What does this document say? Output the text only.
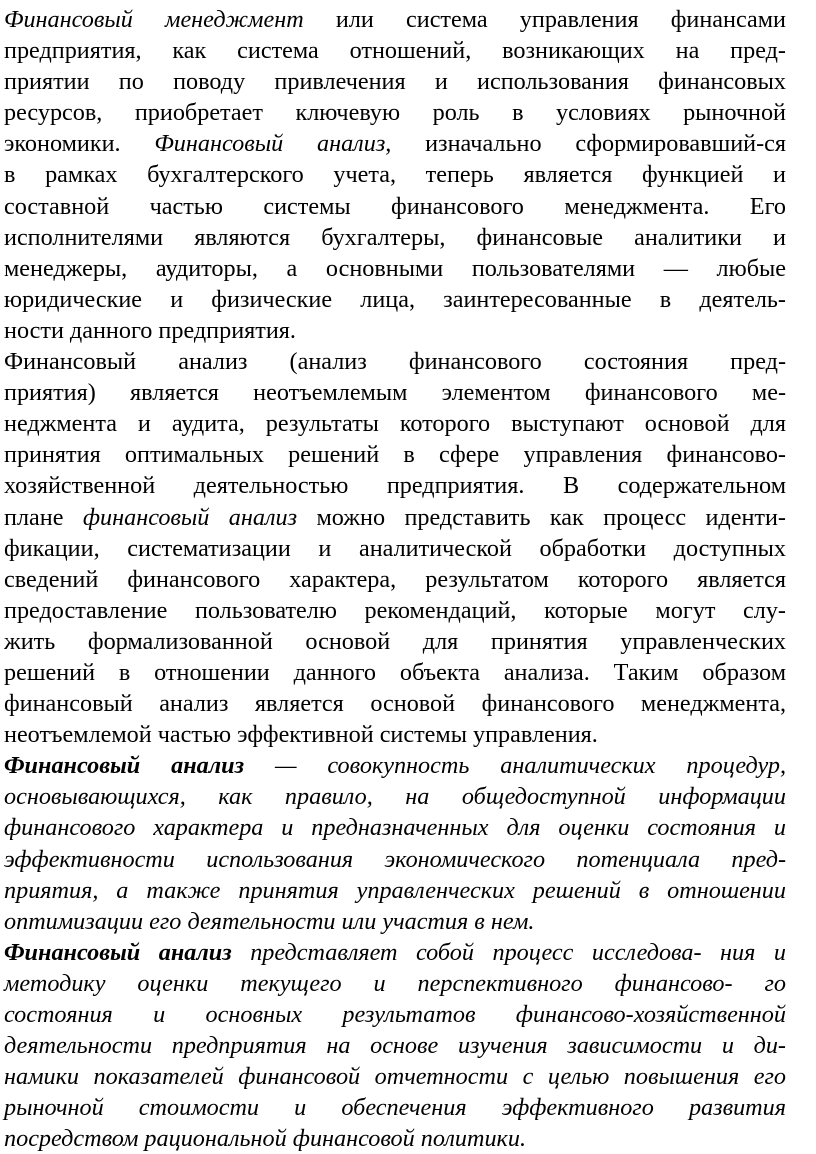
Финансовый менеджмент или система управления финансами
предприятия, как система отношений, возникающих на пред-
приятии по поводу привлечения и использования финансовых
ресурсов, приобретает ключевую роль в условиях рыночной
экономики. Финансовый анализ, изначально сформировавший-ся
в рамках бухгалтерского учета, теперь является функцией и
составной частью системы финансового менеджмента. Его
исполнителями являются бухгалтеры, финансовые аналитики и
менеджеры, аудиторы, а основными пользователями — любые
юридические и физические лица, заинтересованные в деятель-
ности данного предприятия.
Финансовый анализ (анализ финансового состояния пред-
приятия) является неотъемлемым элементом финансового ме-
неджмента и аудита, результаты которого выступают основой для
принятия оптимальных решений в сфере управления финансово-
хозяйственной деятельностью предприятия. В содержательном
плане финансовый анализ можно представить как процесс иденти-
фикации, систематизации и аналитической обработки доступных
сведений финансового характера, результатом которого является
предоставление пользователю рекомендаций, которые могут слу-
жить формализованной основой для принятия управленческих
решений в отношении данного объекта анализа. Таким образом
финансовый анализ является основой финансового менеджмента,
неотъемлемой частью эффективной системы управления.
Финансовый анализ — совокупность аналитических процедур,
основывающихся, как правило, на общедоступной информации
финансового характера и предназначенных для оценки состояния и
эффективности использования экономического потенциала пред-
приятия, а также принятия управленческих решений в отношении
оптимизации его деятельности или участия в нем.
Финансовый анализ представляет собой процесс исследова- ния и
методику оценки текущего и перспективного финансово- го
состояния и основных результатов финансово-хозяйственной
деятельности предприятия на основе изучения зависимости и ди-
намики показателей финансовой отчетности с целью повышения его
рыночной стоимости и обеспечения эффективного развития
посредством рациональной финансовой политики.
